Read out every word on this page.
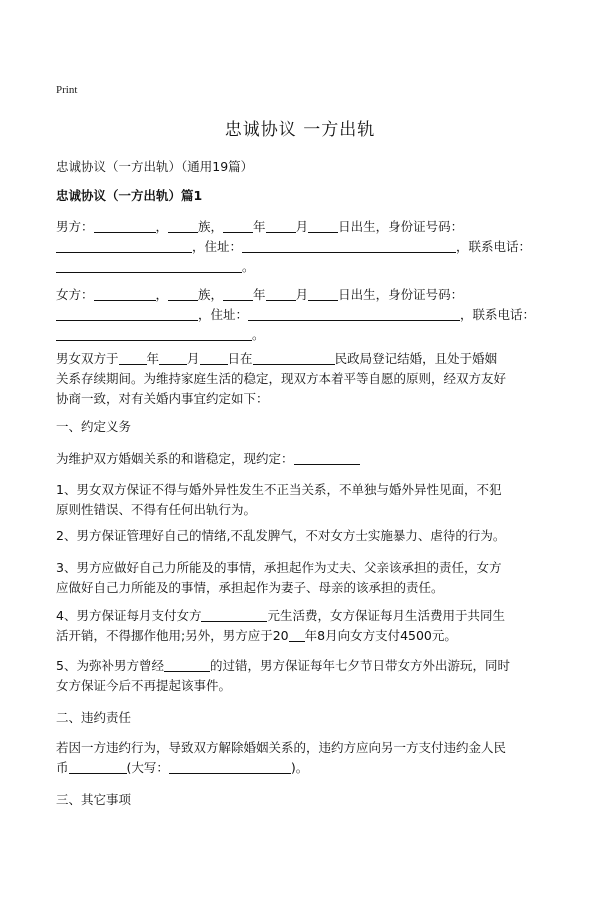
Print
忠诚协议 一方出轨
忠诚协议（一方出轨）（通用19篇）
忠诚协议（一方出轨）篇1
男方：	， 族， 年 月 日出生，身份证号码：
，住址：	，联系电话：
。
女方：	， 族， 年 月 日出生，身份证号码：
，住址：	，联系电话：
。
男女双方于 年 月 日在	民政局登记结婚，且处于婚姻
关系存续期间。为维持家庭生活的稳定，现双方本着平等自愿的原则，经双方友好
协商一致，对有关婚内事宜约定如下：
一、约定义务
为维护双方婚姻关系的和谐稳定，现约定：
1、男女双方保证不得与婚外异性发生不正当关系，不单独与婚外异性见面，不犯
原则性错误、不得有任何出轨行为。
2、男方保证管理好自己的情绪,不乱发脾气，不对女方士实施暴力、虐待的行为。
3、男方应做好自己力所能及的事情，承担起作为丈夫、父亲该承担的责任，女方
应做好自己力所能及的事情，承担起作为妻子、母亲的该承担的责任。
4、男方保证每月支付女方	元生活费，女方保证每月生活费用于共同生
活开销，不得挪作他用;另外，男方应于20 年8月向女方支付4500元。
5、为弥补男方曾经	的过错，男方保证每年七夕节日带女方外出游玩，同时
女方保证今后不再提起该事件。
二、违约责任
若因一方违约行为，导致双方解除婚姻关系的，违约方应向另一方支付违约金人民
币	(大写：	)。
三、其它事项
